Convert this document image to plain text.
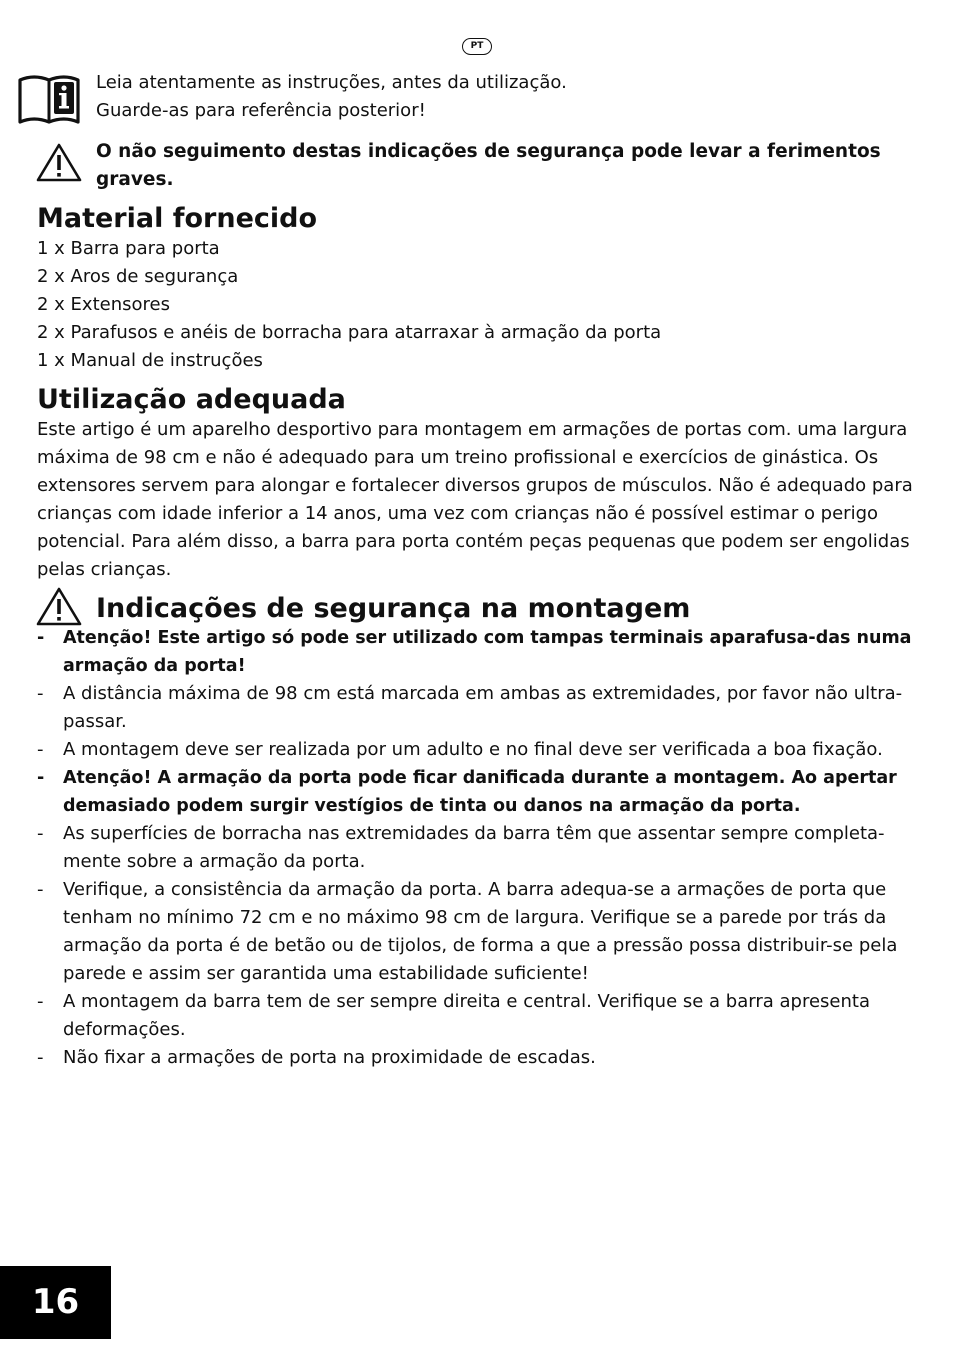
PT

Leia atentamente as instruções, antes da utilização.
Guarde-as para referência posterior!

O não seguimento destas indicações de segurança pode levar a ferimentos graves.

Material fornecido
1 x Barra para porta
2 x Aros de segurança
2 x Extensores
2 x Parafusos e anéis de borracha para atarraxar à armação da porta
1 x Manual de instruções
Utilização adequada

Este artigo é um aparelho desportivo para montagem em armações de portas com. uma largura máxima de 98 cm e não é adequado para um treino profissional e exercícios de ginástica. Os extensores servem para alongar e fortalecer diversos grupos de músculos. Não é adequado para crianças com idade inferior a 14 anos, uma vez com crianças não é possível estimar o perigo potencial. Para além disso, a barra para porta contém peças pequenas que podem ser engolidas pelas crianças.

Indicações de segurança na montagem
- Atenção! Este artigo só pode ser utilizado com tampas terminais aparafusa-das numa armação da porta!
- A distância máxima de 98 cm está marcada em ambas as extremidades, por favor não ultra-passar.
- A montagem deve ser realizada por um adulto e no final deve ser verificada a boa fixação.
- Atenção! A armação da porta pode ficar danificada durante a montagem. Ao apertar demasiado podem surgir vestígios de tinta ou danos na armação da porta.
- As superfícies de borracha nas extremidades da barra têm que assentar sempre completa-mente sobre a armação da porta.
- Verifique, a consistência da armação da porta. A barra adequa-se a armações de porta que tenham no mínimo 72 cm e no máximo 98 cm de largura. Verifique se a parede por trás da armação da porta é de betão ou de tijolos, de forma a que a pressão possa distribuir-se pela parede e assim ser garantida uma estabilidade suficiente!
- A montagem da barra tem de ser sempre direita e central. Verifique se a barra apresenta deformações.
- Não fixar a armações de porta na proximidade de escadas.
16
